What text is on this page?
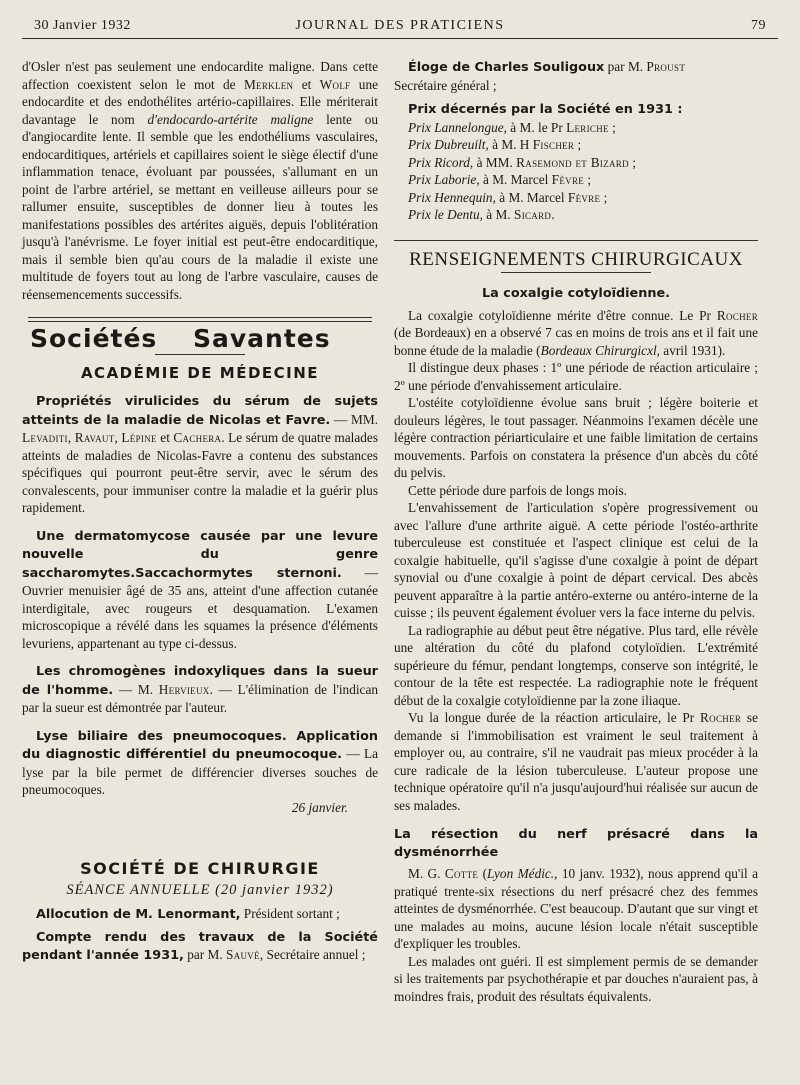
30 Janvier 1932	JOURNAL DES PRATICIENS	79

d'Osler n'est pas seulement une endocardite maligne. Dans cette affection coexistent selon le mot de Merklen et Wolf une endocardite et des endothélites artério-capillaires. Elle mériterait davantage le nom d'endocardo-artérite maligne lente ou d'angiocardite lente. Il semble que les endothéliums vasculaires, endocarditiques, artériels et capillaires soient le siège électif d'une inflammation tenace, évoluant par poussées, s'allumant en un point de l'arbre artériel, se mettant en veilleuse ailleurs pour se rallumer ensuite, susceptibles de donner lieu à toutes les manifestations possibles des artérites aiguës, depuis l'oblitération jusqu'à l'anévrisme. Le foyer initial est peut-être endocarditique, mais il semble bien qu'au cours de la maladie il existe une multitude de foyers tout au long de l'arbre vasculaire, causes de réensemencements successifs.

Sociétés Savantes
ACADÉMIE DE MÉDECINE

Propriétés virulicides du sérum de sujets atteints de la maladie de Nicolas et Favre. — MM. Levaditi, Ravaut, Lépine et Cachera. Le sérum de quatre malades atteints de maladies de Nicolas-Favre a contenu des substances spécifiques qui pourront peut-être servir, avec le sérum des convalescents, pour immuniser contre la maladie et la guérir plus rapidement.

Une dermatomycose causée par une levure nouvelle du genre saccharomytes.Saccachormytes sternoni. — Ouvrier menuisier âgé de 35 ans, atteint d'une affection cutanée interdigitale, avec rougeurs et desquamation. L'examen microscopique a révélé dans les squames la présence d'éléments levuriens, appartenant au type ci-dessus.

Les chromogènes indoxyliques dans la sueur de l'homme. — M. Hervieux. — L'élimination de l'indican par la sueur est démontrée par l'auteur.

Lyse biliaire des pneumocoques. Application du diagnostic différentiel du pneumocoque. — La lyse par la bile permet de différencier diverses souches de pneumocoques.

26 janvier.

SOCIÉTÉ DE CHIRURGIE
SÉANCE ANNUELLE (20 janvier 1932)

Allocution de M. Lenormant, Président sortant ;

Compte rendu des travaux de la Société pendant l'année 1931, par M. Sauvé, Secrétaire annuel ;

Éloge de Charles Souligoux par M. Proust

Secrétaire général ;

Prix décernés par la Société en 1931 :

Prix Lannelongue, à M. le Pr Leriche ;

Prix Dubreuilt, à M. H Fischer ;

Prix Ricord, à MM. Rasemond et Bizard ;

Prix Laborie, à M. Marcel Fèvre ;

Prix Hennequin, à M. Marcel Fèvre ;

Prix le Dentu, à M. Sicard.

RENSEIGNEMENTS CHIRURGICAUX
La coxalgie cotyloïdienne.

La coxalgie cotyloïdienne mérite d'être connue. Le Pr Rocher (de Bordeaux) en a observé 7 cas en moins de trois ans et il fait une bonne étude de la maladie (Bordeaux Chirurgicxl, avril 1931).

Il distingue deux phases : 1º une période de réaction articulaire ; 2º une période d'envahissement articulaire.

L'ostéite cotyloïdienne évolue sans bruit ; légère boiterie et douleurs légères, le tout passager. Néanmoins l'examen décèle une légère contraction périarticulaire et une faible limitation de certains mouvements. Parfois on constatera la présence d'un abcès du côté du pelvis.

Cette période dure parfois de longs mois.

L'envahissement de l'articulation s'opère progressivement ou avec l'allure d'une arthrite aiguë. A cette période l'ostéo-arthrite tuberculeuse est constituée et l'aspect clinique est celui de la coxalgie habituelle, qu'il s'agisse d'une coxalgie à point de départ synovial ou d'une coxalgie à point de départ cervical. Des abcès peuvent apparaître à la partie antéro-externe ou antéro-interne de la cuisse ; ils peuvent également évoluer vers la face interne du pelvis.

La radiographie au début peut être négative. Plus tard, elle révèle une altération du côté du plafond cotyloïdien. L'extrémité supérieure du fémur, pendant longtemps, conserve son intégrité, le contour de la tête est respectée. La radiographie note le fréquent début de la coxalgie cotyloïdienne par la zone iliaque.

Vu la longue durée de la réaction articulaire, le Pr Rocher se demande si l'immobilisation est vraiment le seul traitement à employer ou, au contraire, s'il ne vaudrait pas mieux procéder à la cure radicale de la lésion tuberculeuse. L'auteur propose une technique opératoire qu'il n'a jusqu'aujourd'hui réalisée sur aucun de ses malades.

La résection du nerf présacré dans la dysménorrhée

M. G. Cotte (Lyon Médic., 10 janv. 1932), nous apprend qu'il a pratiqué trente-six résections du nerf présacré chez des femmes atteintes de dysménorrhée. C'est beaucoup. D'autant que sur vingt et une malades au moins, aucune lésion locale n'était susceptible d'expliquer les troubles.

Les malades ont guéri. Il est simplement permis de se demander si les traitements par psychothérapie et par douches n'auraient pas, à moindres frais, produit des résultats équivalents.
